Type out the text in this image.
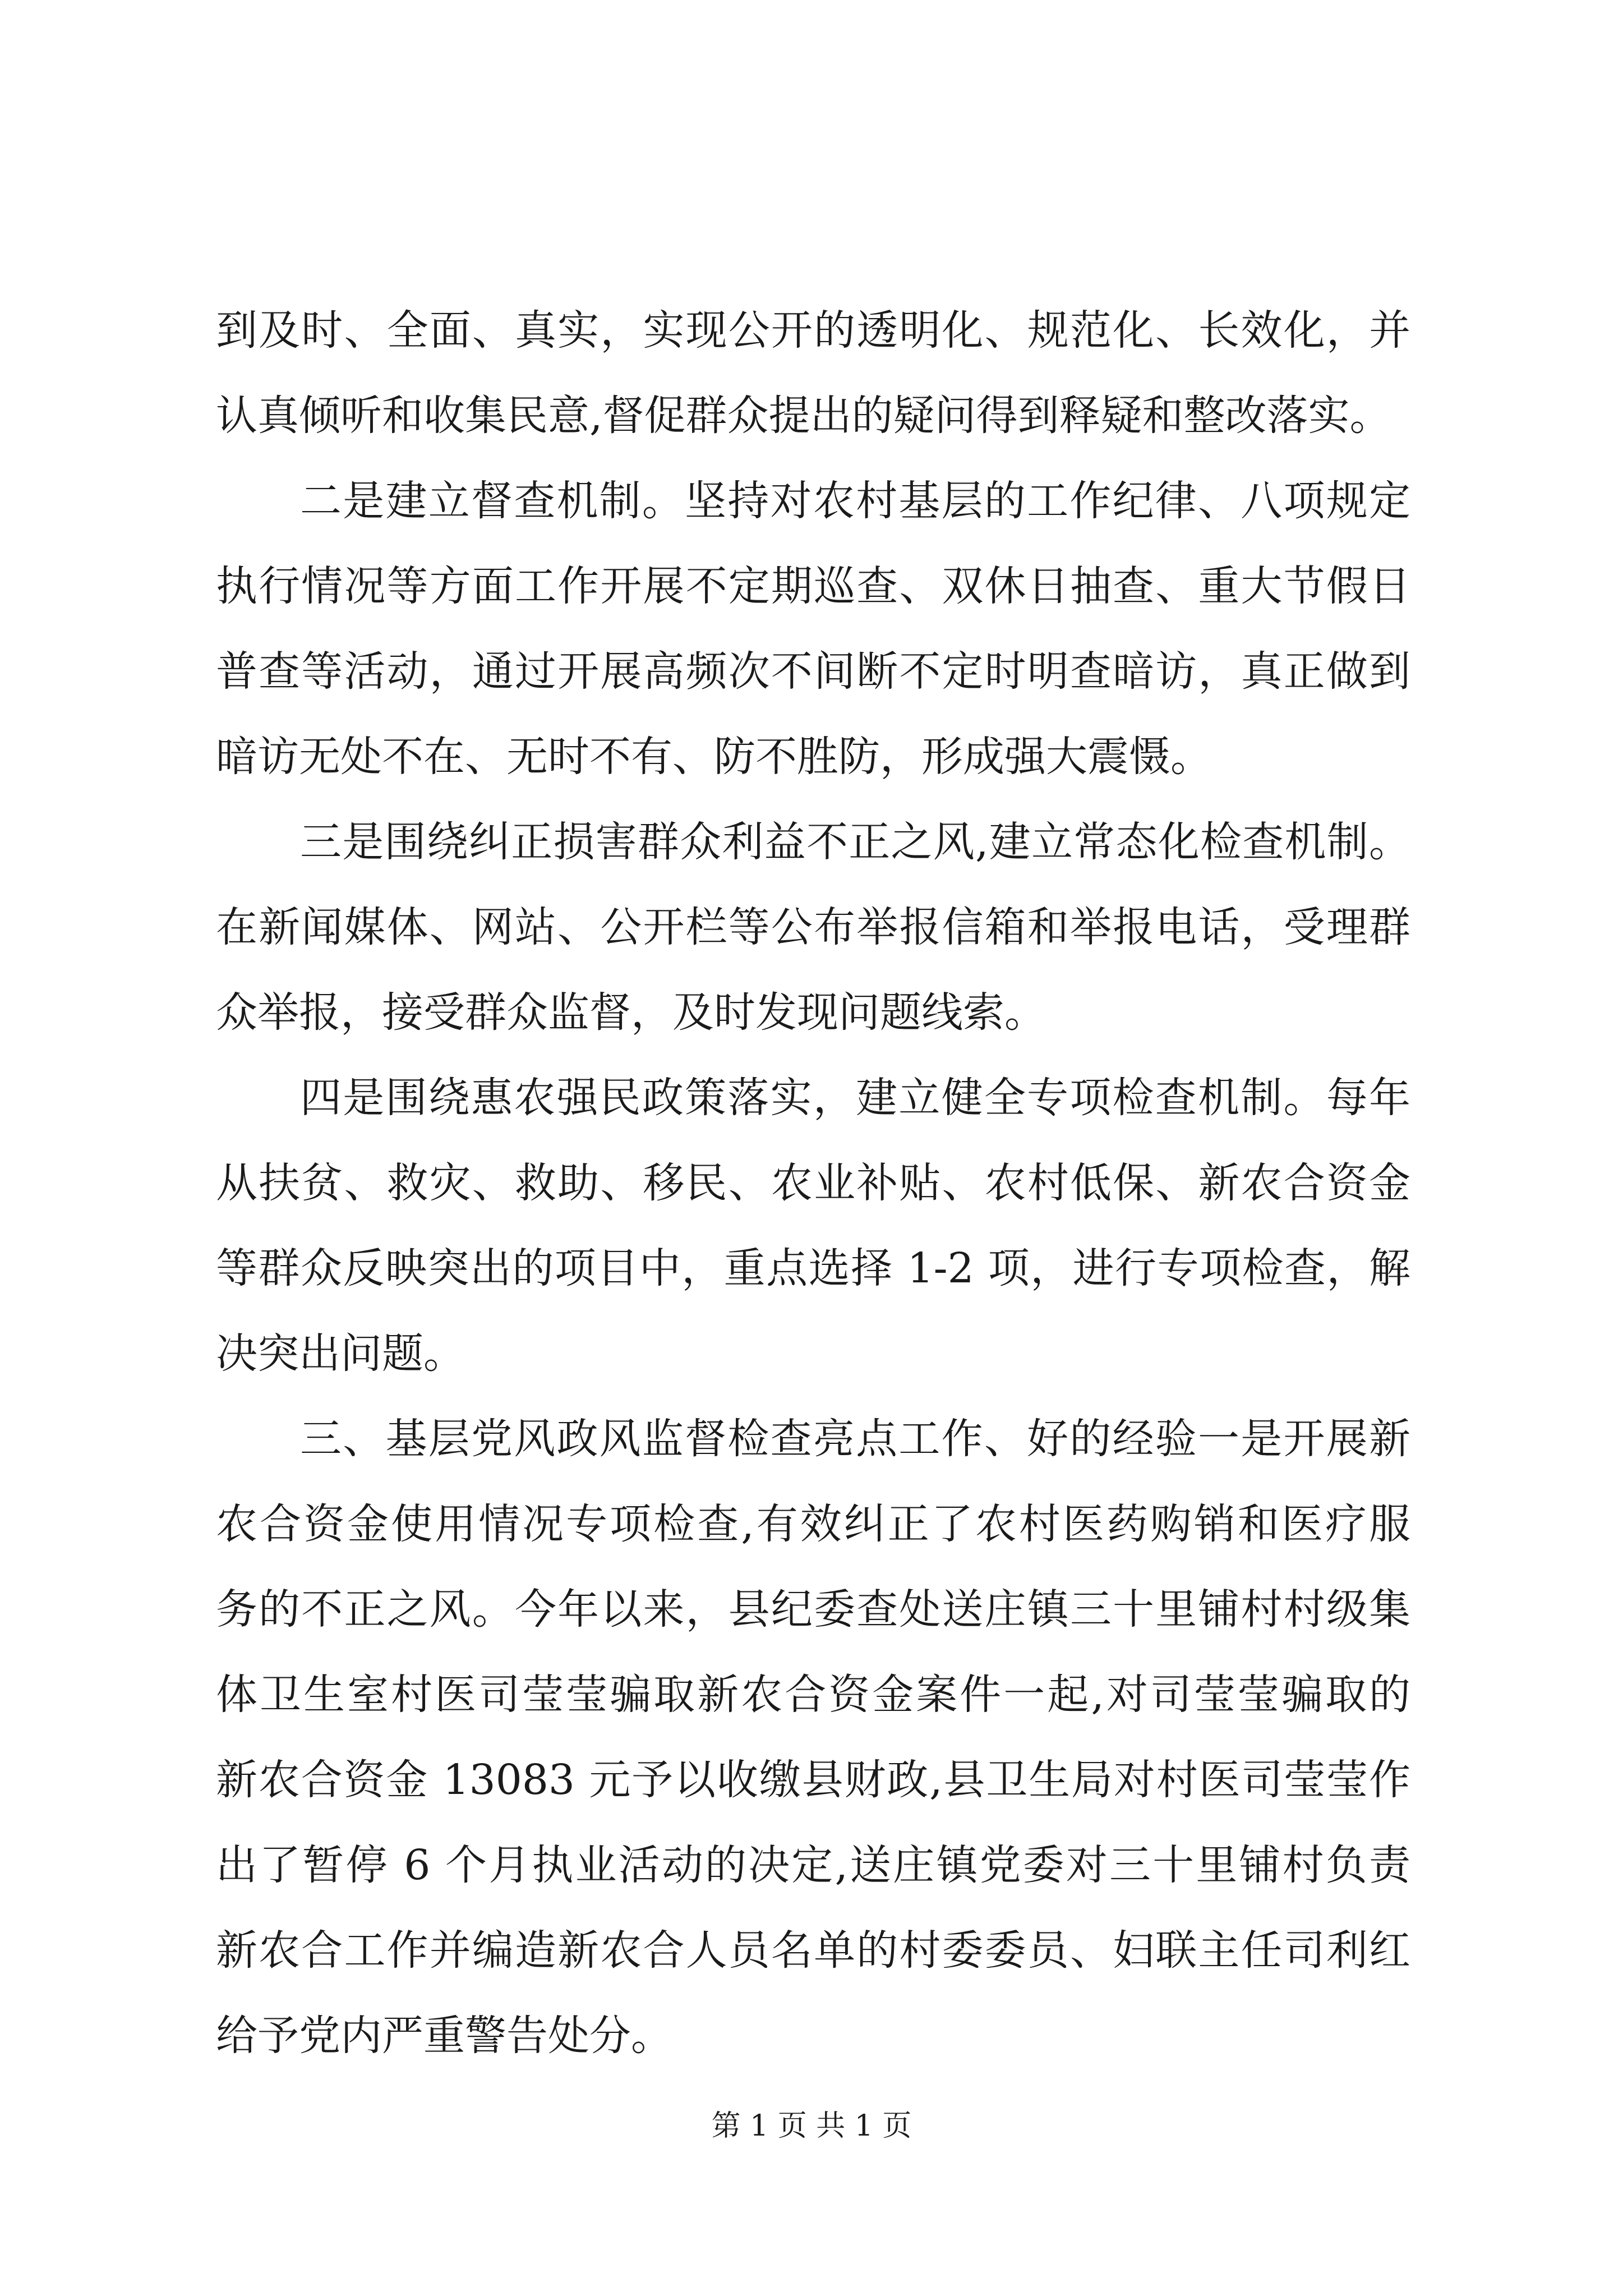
到及时、全面、真实，实现公开的透明化、规范化、长效化，并
认真倾听和收集民意,督促群众提出的疑问得到释疑和整改落实。
二是建立督查机制。坚持对农村基层的工作纪律、八项规定
执行情况等方面工作开展不定期巡查、双休日抽查、重大节假日
普查等活动，通过开展高频次不间断不定时明查暗访，真正做到
暗访无处不在、无时不有、防不胜防，形成强大震慑。
三是围绕纠正损害群众利益不正之风,建立常态化检查机制。
在新闻媒体、网站、公开栏等公布举报信箱和举报电话，受理群
众举报，接受群众监督，及时发现问题线索。
四是围绕惠农强民政策落实，建立健全专项检查机制。每年
从扶贫、救灾、救助、移民、农业补贴、农村低保、新农合资金
等群众反映突出的项目中，重点选择 1-2 项，进行专项检查，解
决突出问题。
三、基层党风政风监督检查亮点工作、好的经验一是开展新
农合资金使用情况专项检查,有效纠正了农村医药购销和医疗服
务的不正之风。今年以来，县纪委查处送庄镇三十里铺村村级集
体卫生室村医司莹莹骗取新农合资金案件一起,对司莹莹骗取的
新农合资金 13083 元予以收缴县财政,县卫生局对村医司莹莹作
出了暂停 6 个月执业活动的决定,送庄镇党委对三十里铺村负责
新农合工作并编造新农合人员名单的村委委员、妇联主任司利红
给予党内严重警告处分。
第 1 页 共 1 页
